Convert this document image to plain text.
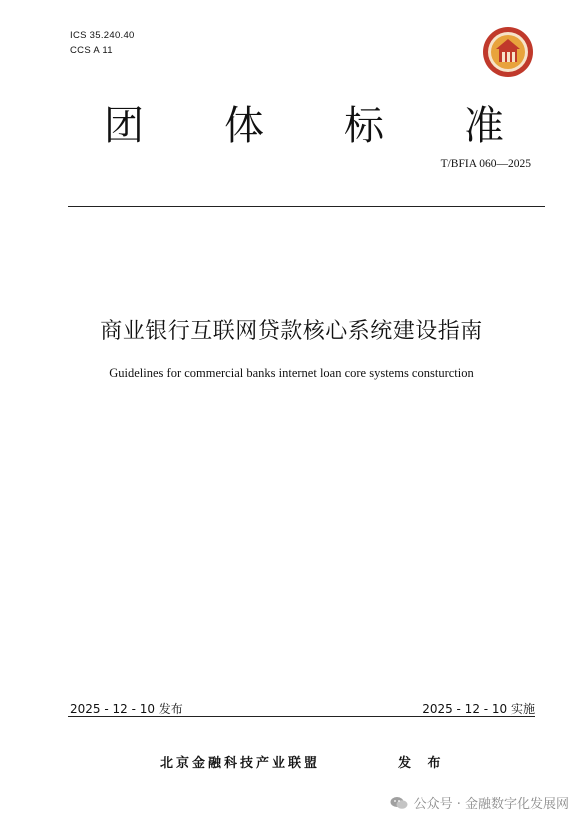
ICS 35.240.40
CCS A 11
团 体 标 准
T/BFIA 060—2025
商业银行互联网贷款核心系统建设指南
Guidelines for commercial banks internet loan core systems consturction
2025 - 12 - 10 发布	2025 - 12 - 10 实施
北京金融科技产业联盟	发 布
公众号 · 金融数字化发展网
